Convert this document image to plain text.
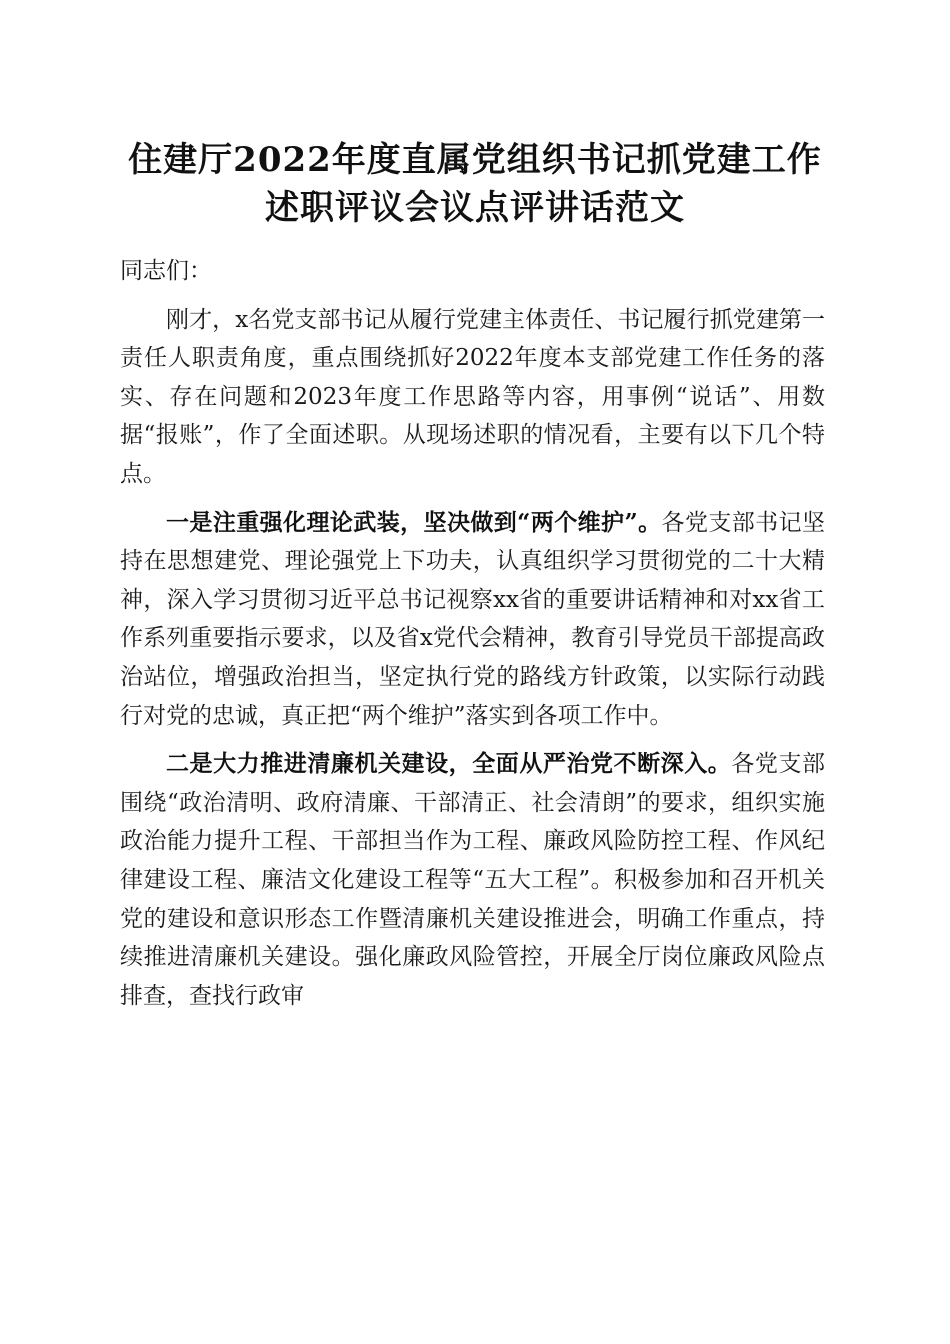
住建厅2022年度直属党组织书记抓党建工作
述职评议会议点评讲话范文

同志们：

刚才，x名党支部书记从履行党建主体责任、书记履行抓党建第一责任人职责角度，重点围绕抓好2022年度本支部党建工作任务的落实、存在问题和2023年度工作思路等内容，用事例“说话”、用数据“报账”，作了全面述职。从现场述职的情况看，主要有以下几个特点。

一是注重强化理论武装，坚决做到“两个维护”。各党支部书记坚持在思想建党、理论强党上下功夫，认真组织学习贯彻党的二十大精神，深入学习贯彻习近平总书记视察xx省的重要讲话精神和对xx省工作系列重要指示要求，以及省x党代会精神，教育引导党员干部提高政治站位，增强政治担当，坚定执行党的路线方针政策，以实际行动践行对党的忠诚，真正把“两个维护”落实到各项工作中。

二是大力推进清廉机关建设，全面从严治党不断深入。各党支部围绕“政治清明、政府清廉、干部清正、社会清朗”的要求，组织实施政治能力提升工程、干部担当作为工程、廉政风险防控工程、作风纪律建设工程、廉洁文化建设工程等“五大工程”。积极参加和召开机关党的建设和意识形态工作暨清廉机关建设推进会，明确工作重点，持续推进清廉机关建设。强化廉政风险管控，开展全厅岗位廉政风险点排查，查找行政审
